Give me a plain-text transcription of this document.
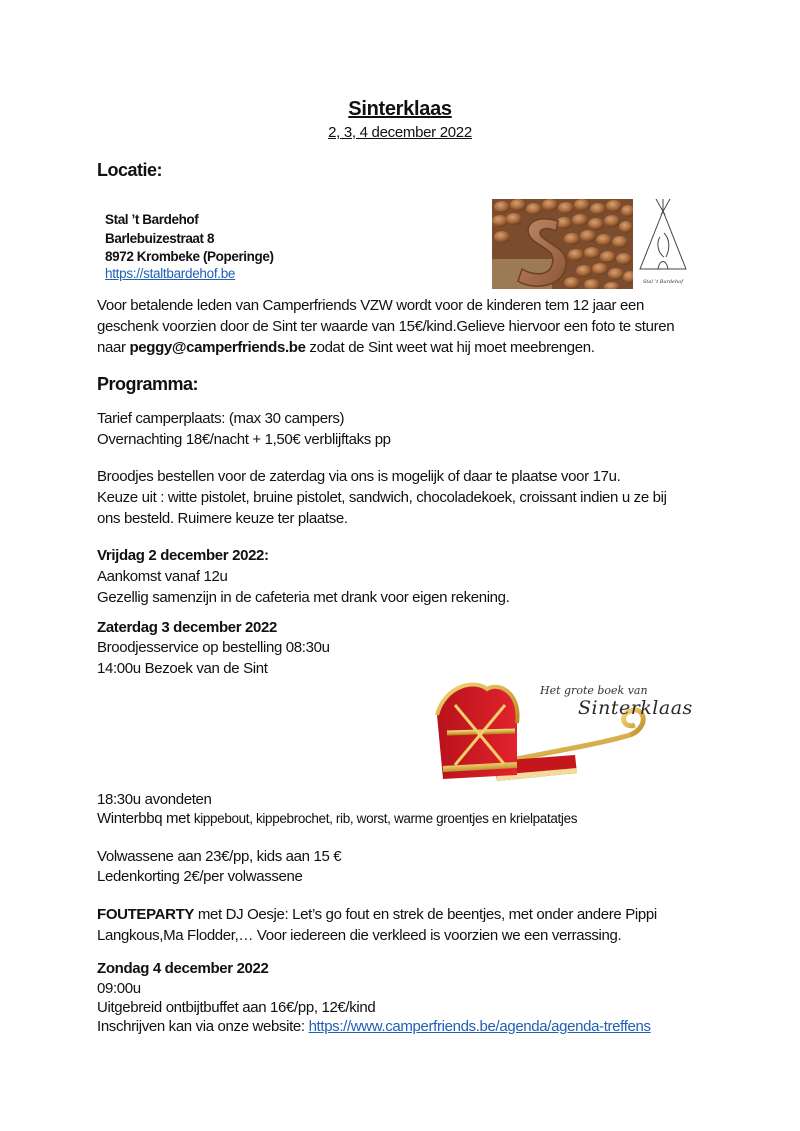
Sinterklaas
2, 3, 4 december 2022
Locatie:
Stal ’t Bardehof
Barlebuizestraat 8
8972 Krombeke (Poperinge)
https://staltbardehof.be
Stal ’t Bardehof
Voor betalende leden van Camperfriends VZW wordt voor de kinderen tem 12 jaar een
geschenk voorzien door de Sint ter waarde van 15€/kind.Gelieve hiervoor een foto te sturen
naar peggy@camperfriends.be zodat de Sint weet wat hij moet meebrengen.
Programma:
Tarief camperplaats: (max 30 campers)
Overnachting 18€/nacht + 1,50€ verblijftaks pp
Broodjes bestellen voor de zaterdag via ons is mogelijk of daar te plaatse voor 17u.
Keuze uit : witte pistolet, bruine pistolet, sandwich, chocoladekoek, croissant indien u ze bij
ons besteld. Ruimere keuze ter plaatse.
Vrijdag 2 december 2022:
Aankomst vanaf 12u
Gezellig samenzijn in de cafeteria met drank voor eigen rekening.
Zaterdag 3 december 2022
Broodjesservice op bestelling 08:30u
14:00u Bezoek van de Sint
Het grote boek van
Sinterklaas
18:30u avondeten
Winterbbq met kippebout, kippebrochet, rib, worst, warme groentjes en krielpatatjes
Volwassene aan 23€/pp, kids aan 15 €
Ledenkorting 2€/per volwassene
FOUTEPARTY met DJ Oesje: Let’s go fout en strek de beentjes, met onder andere Pippi
Langkous,Ma Flodder,… Voor iedereen die verkleed is voorzien we een verrassing.
Zondag 4 december 2022
09:00u
Uitgebreid ontbijtbuffet aan 16€/pp, 12€/kind
Inschrijven kan via onze website: https://www.camperfriends.be/agenda/agenda-treffens
